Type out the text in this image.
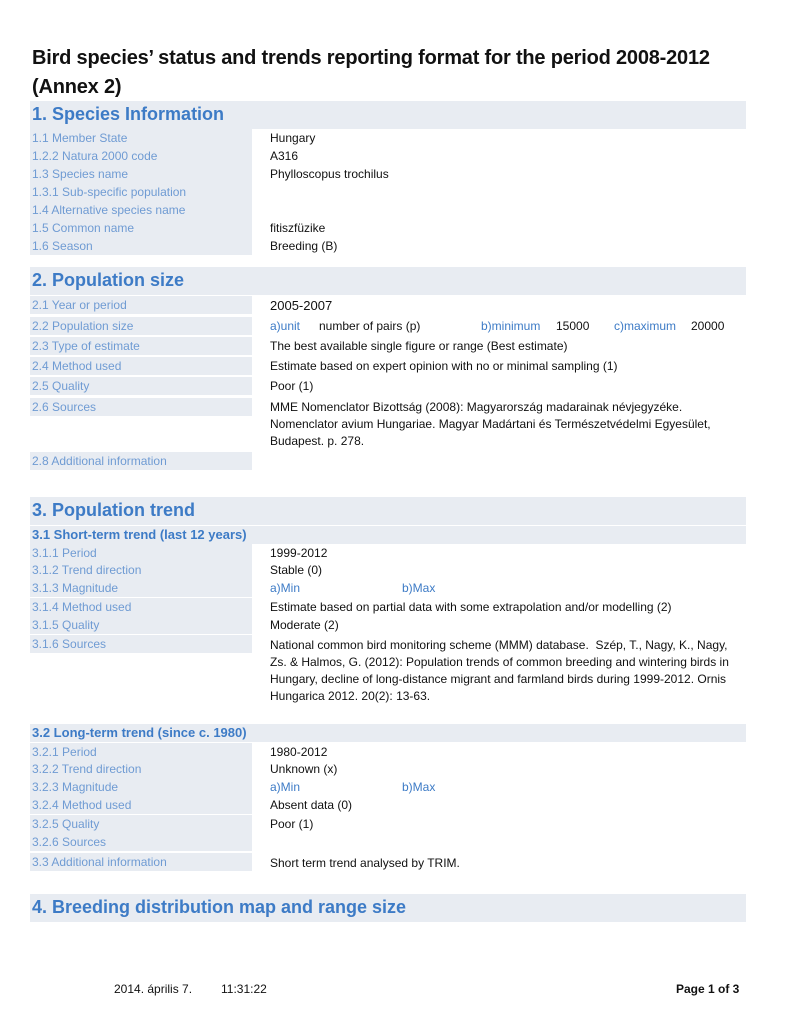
Bird species’ status and trends reporting format for the period 2008-2012 (Annex 2)
1. Species Information
1.1 Member State	Hungary
1.2.2 Natura 2000 code	A316
1.3 Species name	Phylloscopus trochilus
1.3.1 Sub-specific population
1.4 Alternative species name
1.5 Common name	fitiszfüzike
1.6 Season	Breeding (B)
2. Population size
2.1 Year or period	2005-2007
2.2 Population size	a)unit number of pairs (p)	b)minimum 15000 c)maximum 20000
2.3 Type of estimate	The best available single figure or range (Best estimate)
2.4 Method used	Estimate based on expert opinion with no or minimal sampling (1)
2.5 Quality	Poor (1)
2.6 Sources	MME Nomenclator Bizottság (2008): Magyarország madarainak névjegyzéke. Nomenclator avium Hungariae. Magyar Madártani és Természetvédelmi Egyesület, Budapest. p. 278.
2.8 Additional information
3. Population trend
3.1 Short-term trend (last 12 years)
3.1.1 Period	1999-2012
3.1.2 Trend direction	Stable (0)
3.1.3 Magnitude	a)Min	b)Max
3.1.4 Method used	Estimate based on partial data with some extrapolation and/or modelling (2)
3.1.5 Quality	Moderate (2)
3.1.6 Sources	National common bird monitoring scheme (MMM) database.  Szép, T., Nagy, K., Nagy, Zs. & Halmos, G. (2012): Population trends of common breeding and wintering birds in Hungary, decline of long-distance migrant and farmland birds during 1999-2012. Ornis Hungarica 2012. 20(2): 13-63.
3.2 Long-term trend (since c. 1980)
3.2.1 Period	1980-2012
3.2.2 Trend direction	Unknown (x)
3.2.3 Magnitude	a)Min	b)Max
3.2.4 Method used	Absent data (0)
3.2.5 Quality	Poor (1)
3.2.6 Sources
3.3 Additional information	Short term trend analysed by TRIM.
4. Breeding distribution map and range size
2014. április 7. 11:31:22	Page 1 of 3
